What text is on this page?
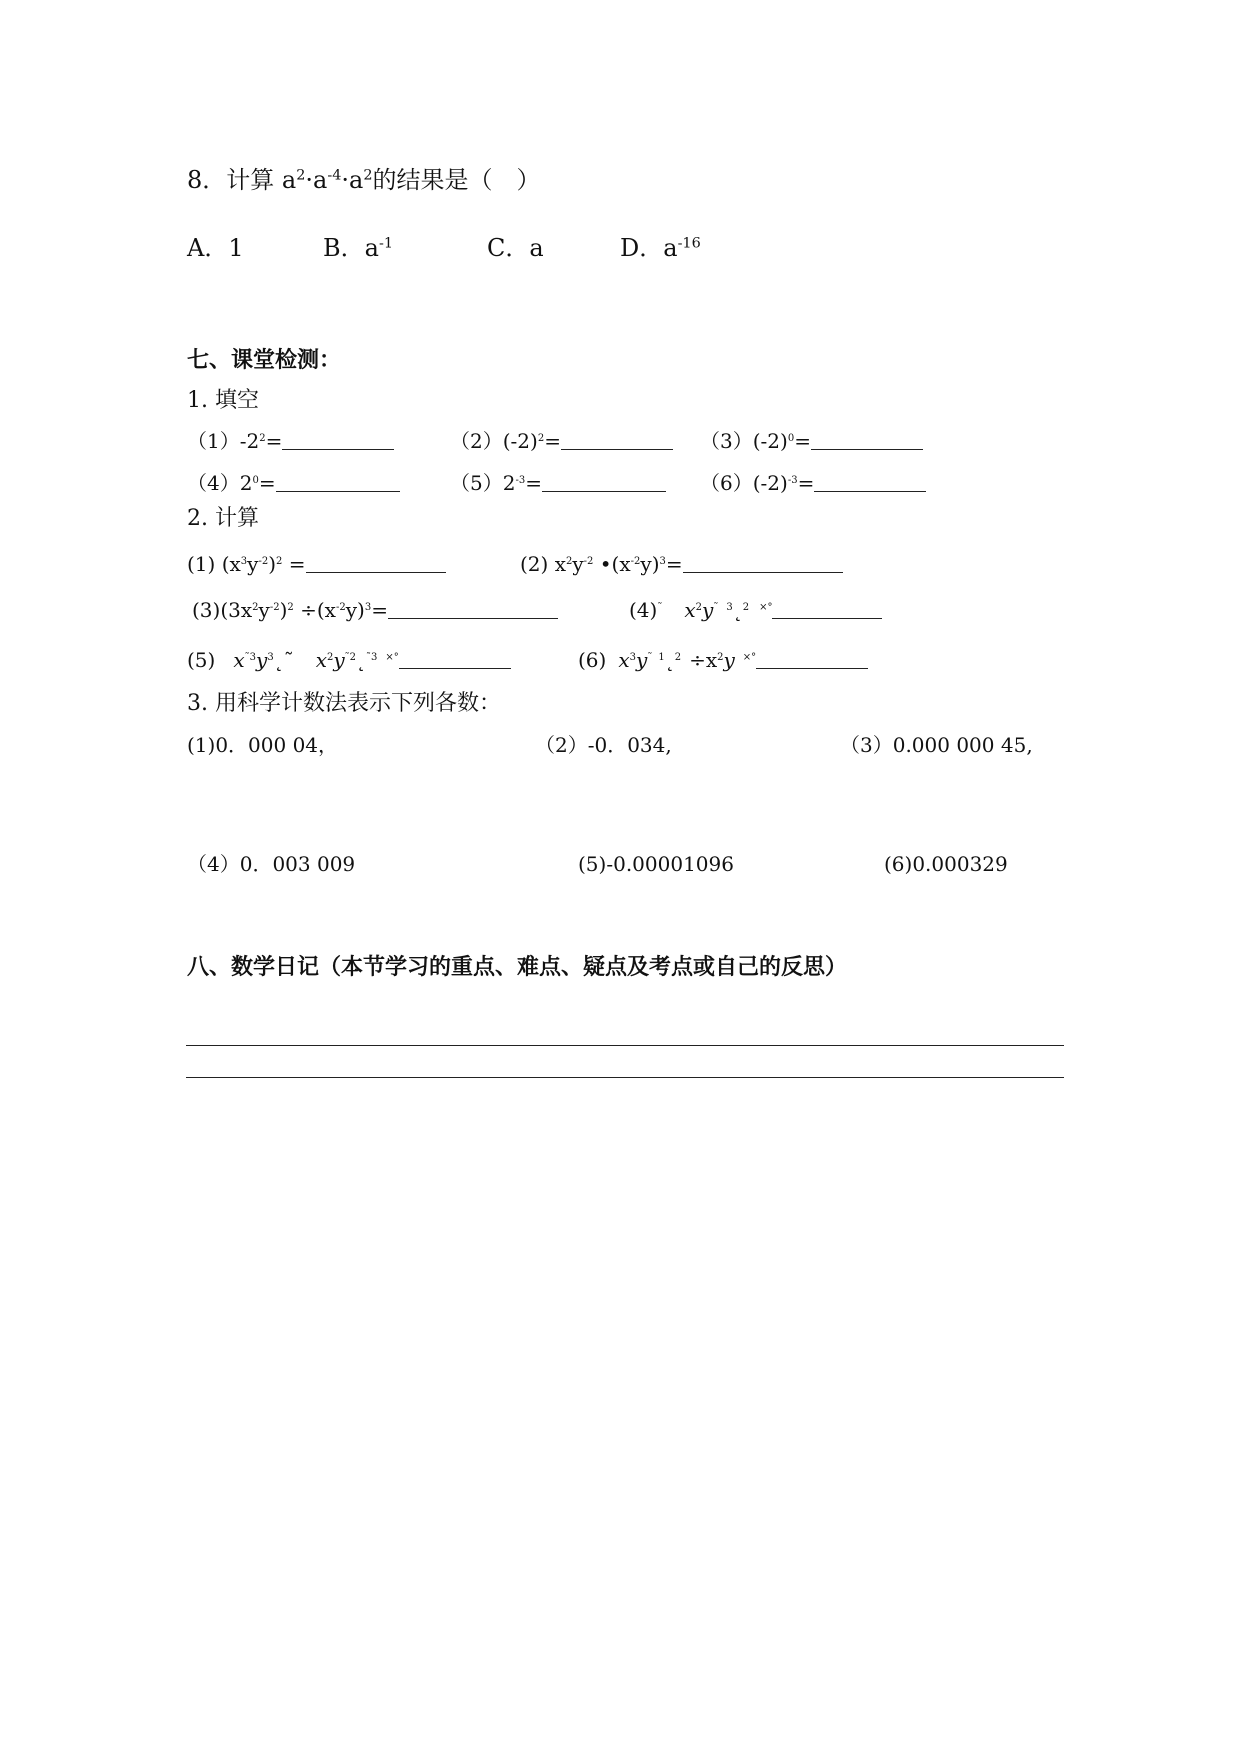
8．计算 $a^2\cdot a^{-4}\cdot a^2$的结果是（　）
A．1	B．$a^{-1}$	C．a	D．$a^{-16}$
七、课堂检测：
1. 填空
$(1)-2^2=$	$(2)(-2)^2=$	$(3)(-2)^0=$
$(4)2^0=$	$(5)2^{-3}=$	$(6)(-2)^{-3}=$
2. 计算
(1) $(x^3y^{-2})^2$ =	(2) $x^2y^{-2}$ $•(x^{-2}y)^3=$
$(3)(3x^2y^{-2})^2 \div(x^{-2}y)^3=$	(4)˜ $x^2y^˜$ $^3$˛$^2$ ×°
(5) $x^{˜3}y^3˛˜$ $x^2y^{˜2}˛^{˜3}$ ×°	(6) $x^3y^˜$ $^1$˛$^2$ $\div x^2y$ ×°
3. 用科学计数法表示下列各数：
(1)0．000 04，	（2）-0．034,	（3）0.000 000 45,
（4）0．003 009	(5)-0.00001096	(6)0.000329
八、数学日记（本节学习的重点、难点、疑点及考点或自己的反思）
